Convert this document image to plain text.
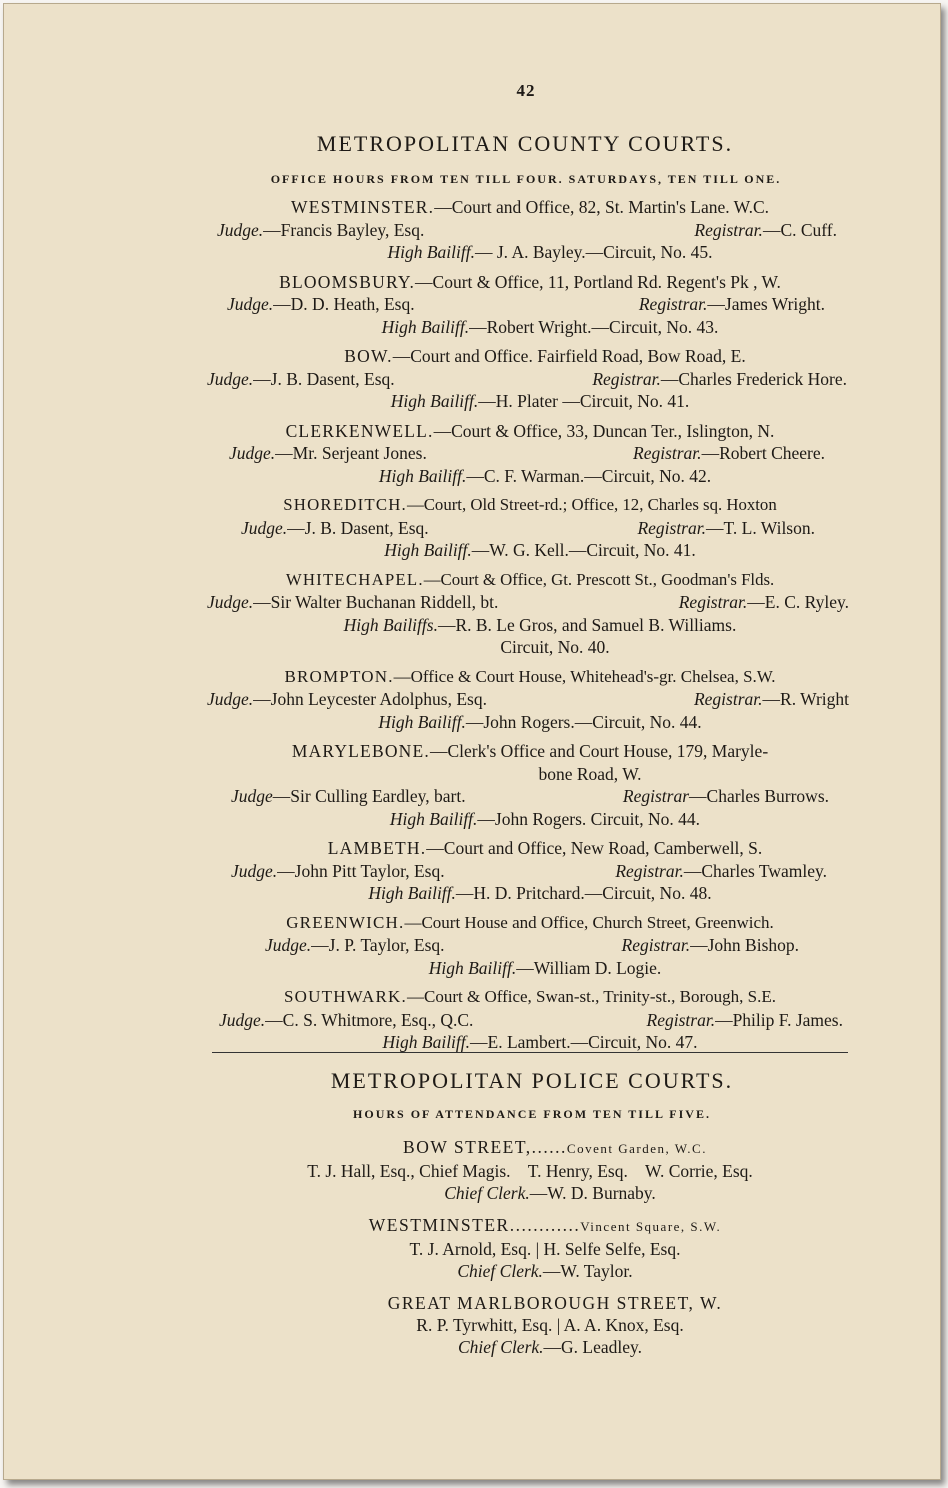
42
METROPOLITAN COUNTY COURTS.
OFFICE HOURS FROM TEN TILL FOUR. SATURDAYS, TEN TILL ONE.
WESTMINSTER.—Court and Office, 82, St. Martin's Lane. W.C.
Judge.—Francis Bayley, Esq.	Registrar.—C. Cuff.
High Bailiff.— J. A. Bayley.—Circuit, No. 45.
BLOOMSBURY.—Court & Office, 11, Portland Rd. Regent's Pk , W.
Judge.—D. D. Heath, Esq.	Registrar.—James Wright.
High Bailiff.—Robert Wright.—Circuit, No. 43.
BOW.—Court and Office. Fairfield Road, Bow Road, E.
Judge.—J. B. Dasent, Esq.	Registrar.—Charles Frederick Hore.
High Bailiff.—H. Plater —Circuit, No. 41.
CLERKENWELL.—Court & Office, 33, Duncan Ter., Islington, N.
Judge.—Mr. Serjeant Jones.	Registrar.—Robert Cheere.
High Bailiff.—C. F. Warman.—Circuit, No. 42.
SHOREDITCH.—Court, Old Street-rd.; Office, 12, Charles sq. Hoxton
Judge.—J. B. Dasent, Esq.	Registrar.—T. L. Wilson.
High Bailiff.—W. G. Kell.—Circuit, No. 41.
WHITECHAPEL.—Court & Office, Gt. Prescott St., Goodman's Flds.
Judge.—Sir Walter Buchanan Riddell, bt.	Registrar.—E. C. Ryley.
High Bailiffs.—R. B. Le Gros, and Samuel B. Williams.
Circuit, No. 40.
BROMPTON.—Office & Court House, Whitehead's-gr. Chelsea, S.W.
Judge.—John Leycester Adolphus, Esq.	Registrar.—R. Wright
High Bailiff.—John Rogers.—Circuit, No. 44.
MARYLEBONE.—Clerk's Office and Court House, 179, Maryle-
bone Road, W.
Judge—Sir Culling Eardley, bart.	Registrar—Charles Burrows.
High Bailiff.—John Rogers. Circuit, No. 44.
LAMBETH.—Court and Office, New Road, Camberwell, S.
Judge.—John Pitt Taylor, Esq.	Registrar.—Charles Twamley.
High Bailiff.—H. D. Pritchard.—Circuit, No. 48.
GREENWICH.—Court House and Office, Church Street, Greenwich.
Judge.—J. P. Taylor, Esq.	Registrar.—John Bishop.
High Bailiff.—William D. Logie.
SOUTHWARK.—Court & Office, Swan-st., Trinity-st., Borough, S.E.
Judge.—C. S. Whitmore, Esq., Q.C.	Registrar.—Philip F. James.
High Bailiff.—E. Lambert.—Circuit, No. 47.
METROPOLITAN POLICE COURTS.
HOURS OF ATTENDANCE FROM TEN TILL FIVE.
BOW STREET,......Covent Garden, W.C.
T. J. Hall, Esq., Chief Magis.    T. Henry, Esq.    W. Corrie, Esq.
Chief Clerk.—W. D. Burnaby.
WESTMINSTER............Vincent Square, S.W.
T. J. Arnold, Esq. | H. Selfe Selfe, Esq.
Chief Clerk.—W. Taylor.
GREAT MARLBOROUGH STREET, W.
R. P. Tyrwhitt, Esq. | A. A. Knox, Esq.
Chief Clerk.—G. Leadley.
